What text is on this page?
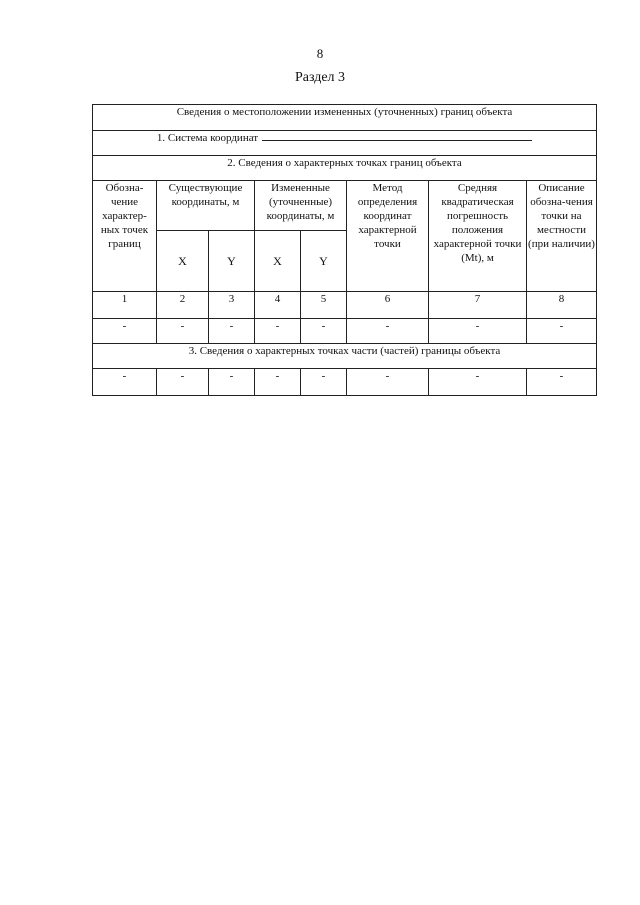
8
Раздел 3
Сведения о местоположении измененных (уточненных) границ объекта							
1. Система координат							
2. Сведения о характерных точках границ объекта							
Обозна-чение характер-ных точек границ	Существующие координаты, м		Измененные (уточненные) координаты, м		Метод определения координат характерной точки	Средняя квадратическая погрешность положения характерной точки (Mt), м	Описание обозна-чения точки на местности (при наличии)
	X	Y	X	Y			
1	2	3	4	5	6	7	8
-	-	-	-	-	-	-	-
3. Сведения о характерных точках части (частей) границы объекта							
-	-	-	-	-	-	-	-
